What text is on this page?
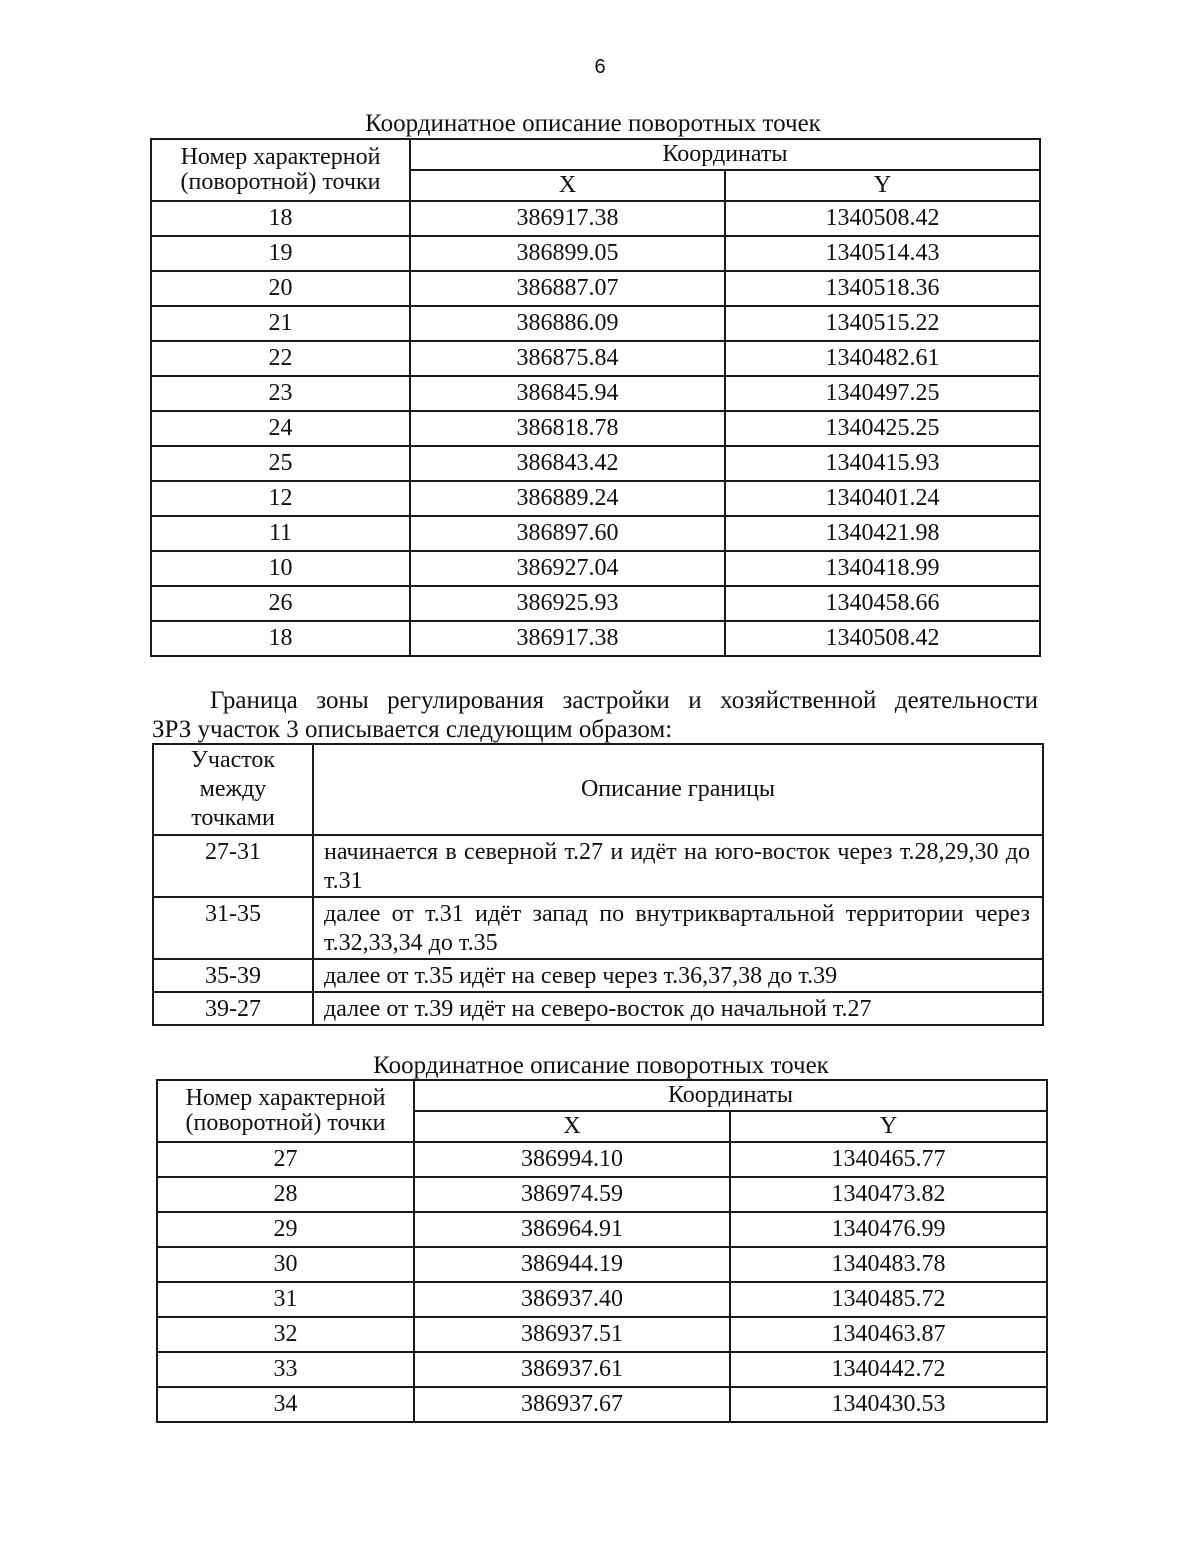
6
Координатное описание поворотных точек
Номер характерной (поворотной) точки	Координаты	
	X	Y
18	386917.38	1340508.42
19	386899.05	1340514.43
20	386887.07	1340518.36
21	386886.09	1340515.22
22	386875.84	1340482.61
23	386845.94	1340497.25
24	386818.78	1340425.25
25	386843.42	1340415.93
12	386889.24	1340401.24
11	386897.60	1340421.98
10	386927.04	1340418.99
26	386925.93	1340458.66
18	386917.38	1340508.42
Граница зоны регулирования застройки и хозяйственной деятельности
ЗРЗ участок 3 описывается следующим образом:
Участок между точками	Описание границы
27-31	начинается в северной т.27 и идёт на юго-восток через т.28,29,30 до т.31
31-35	далее от т.31 идёт запад по внутриквартальной территории через т.32,33,34 до т.35
35-39	далее от т.35 идёт на север через т.36,37,38 до т.39
39-27	далее от т.39 идёт на северо-восток до начальной т.27
Координатное описание поворотных точек
Номер характерной (поворотной) точки	Координаты	
	X	Y
27	386994.10	1340465.77
28	386974.59	1340473.82
29	386964.91	1340476.99
30	386944.19	1340483.78
31	386937.40	1340485.72
32	386937.51	1340463.87
33	386937.61	1340442.72
34	386937.67	1340430.53
